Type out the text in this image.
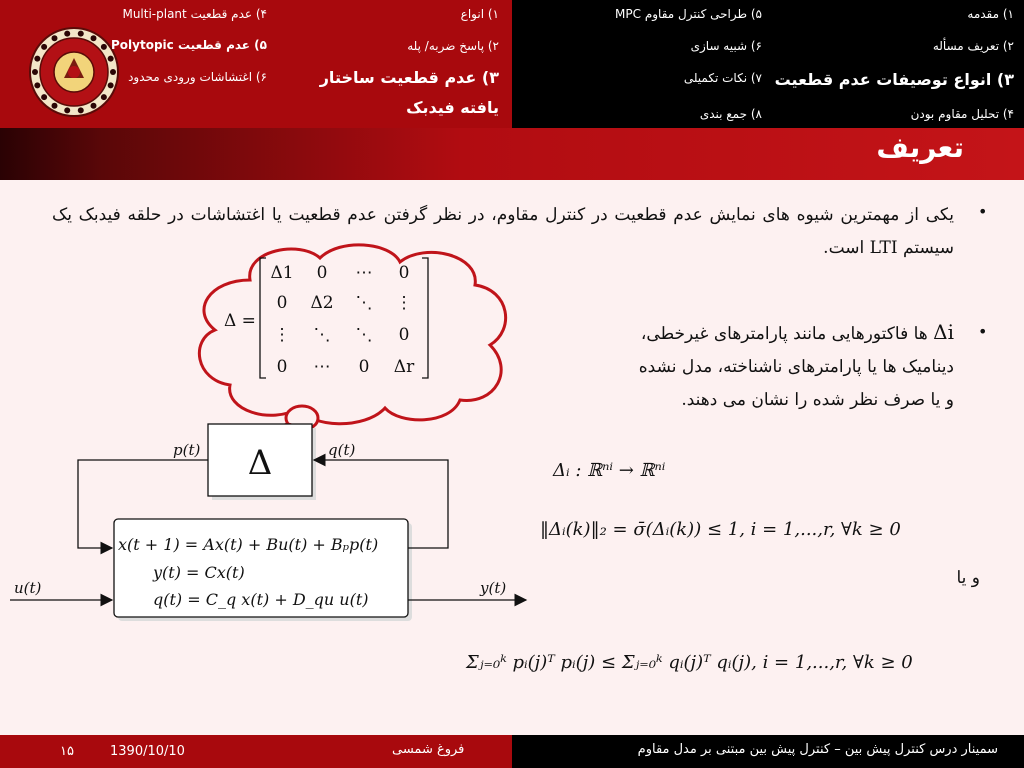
۱) مقدمه
۲) تعریف مسأله
۳) انواع توصیفات عدم قطعیت
۴) تحلیل مقاوم بودن
۵) طراحی کنترل مقاوم MPC
۶) شبیه سازی
۷) نکات تکمیلی
۸) جمع بندی
۱) انواع
۲) پاسخ ضربه/ پله
۳) عدم قطعیت ساختار
یافته فیدبک
۴) عدم قطعیت Multi-plant
۵) عدم قطعیت Polytopic
۶) اغتشاشات ورودی محدود
تعریف
•
یکی از مهمترین شیوه های نمایش عدم قطعیت در کنترل مقاوم، در نظر گرفتن عدم قطعیت یا اغتشاشات در حلقه فیدبک یک سیستم LTI است.
•
Δi ها فاکتورهایی مانند پارامترهای غیرخطی،
دینامیک ها یا پارامترهای ناشناخته، مدل نشده
و یا صرف نظر شده را نشان می دهند.
Δ =
Δ1 0 ⋯ 0
0 Δ2 ⋱ ⋮
⋮ ⋱ ⋱ 0
0 ⋯ 0 Δr
Δ
x(t + 1) = Ax(t) + Bu(t) + Bₚp(t)
y(t) = Cx(t)
q(t) = C_q x(t) + D_qu u(t)
p(t)	q(t)
u(t)	y(t)
Δᵢ : ℝⁿⁱ → ℝⁿⁱ
‖Δᵢ(k)‖₂ = σ̄(Δᵢ(k)) ≤ 1, i = 1,...,r, ∀k ≥ 0
و یا
Σⱼ₌₀ᵏ pᵢ(j)ᵀ pᵢ(j) ≤ Σⱼ₌₀ᵏ qᵢ(j)ᵀ qᵢ(j), i = 1,...,r, ∀k ≥ 0
۱۵	1390/10/10	فروغ شمسی	سمینار درس کنترل پیش بین – کنترل پیش بین مبتنی بر مدل مقاوم
